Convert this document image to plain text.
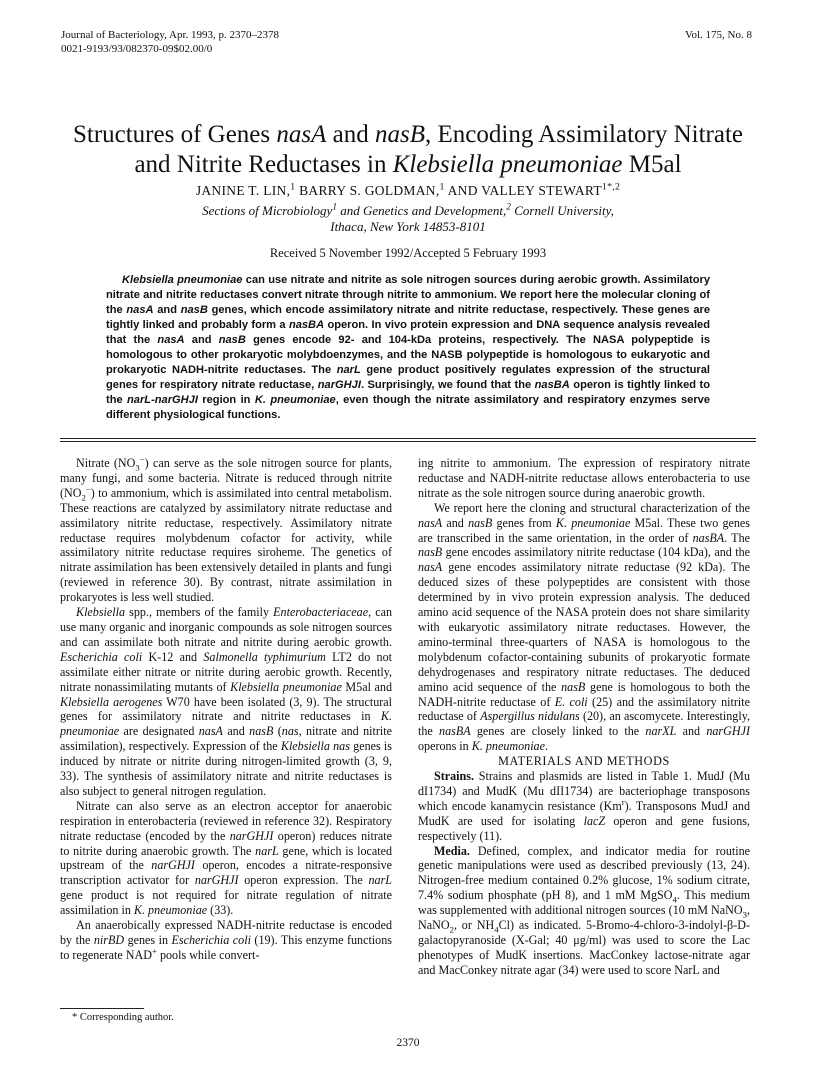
Journal of Bacteriology, Apr. 1993, p. 2370–2378
0021-9193/93/082370-09$02.00/0
Vol. 175, No. 8
Structures of Genes nasA and nasB, Encoding Assimilatory Nitrate
and Nitrite Reductases in Klebsiella pneumoniae M5al
JANINE T. LIN,$^1$ BARRY S. GOLDMAN,$^1$ AND VALLEY $STEWART^{1*,2}$
Sections of Microbiology$^1$ and Genetics and Development,$^2$ Cornell University,
Ithaca, New York 14853-8101
Received 5 November 1992/Accepted 5 February 1993

Klebsiella pneumoniae can use nitrate and nitrite as sole nitrogen sources during aerobic growth. Assimilatory nitrate and nitrite reductases convert nitrate through nitrite to ammonium. We report here the molecular cloning of the nasA and nasB genes, which encode assimilatory nitrate and nitrite reductase, respectively. These genes are tightly linked and probably form a nasBA operon. In vivo protein expression and DNA sequence analysis revealed that the nasA and nasB genes encode 92- and 104-kDa proteins, respectively. The NASA polypeptide is homologous to other prokaryotic molybdoenzymes, and the NASB polypeptide is homologous to eukaryotic and prokaryotic NADH-nitrite reductases. The narL gene product positively regulates expression of the structural genes for respiratory nitrate reductase, narGHJI. Surprisingly, we found that the nasBA operon is tightly linked to the narL-narGHJI region in K. pneumoniae, even though the nitrate assimilatory and respiratory enzymes serve different physiological functions.

Nitrate $(NO_3^-)$ can serve as the sole nitrogen source for plants, many fungi, and some bacteria. Nitrate is reduced through nitrite $(NO_2^-)$ to ammonium, which is assimilated into central metabolism. These reactions are catalyzed by assimilatory nitrate reductase and assimilatory nitrite reductase, respectively. Assimilatory nitrate reductase requires molybdenum cofactor for activity, while assimilatory nitrite reductase requires siroheme. The genetics of nitrate assimilation has been extensively detailed in plants and fungi (reviewed in reference 30). By contrast, nitrate assimilation in prokaryotes is less well studied.

Klebsiella spp., members of the family Enterobacteriaceae, can use many organic and inorganic compounds as sole nitrogen sources and can assimilate both nitrate and nitrite during aerobic growth. Escherichia coli K-12 and Salmonella typhimurium LT2 do not assimilate either nitrate or nitrite during aerobic growth. Recently, nitrate nonassimilating mutants of Klebsiella pneumoniae M5al and Klebsiella aerogenes W70 have been isolated (3, 9). The structural genes for assimilatory nitrate and nitrite reductases in K. pneumoniae are designated nasA and nasB (nas, nitrate and nitrite assimilation), respectively. Expression of the Klebsiella nas genes is induced by nitrate or nitrite during nitrogen-limited growth (3, 9, 33). The synthesis of assimilatory nitrate and nitrite reductases is also subject to general nitrogen regulation.

Nitrate can also serve as an electron acceptor for anaerobic respiration in enterobacteria (reviewed in reference 32). Respiratory nitrate reductase (encoded by the narGHJI operon) reduces nitrate to nitrite during anaerobic growth. The narL gene, which is located upstream of the narGHJI operon, encodes a nitrate-responsive transcription activator for narGHJI operon expression. The narL gene product is not required for nitrate regulation of nitrate assimilation in K. pneumoniae (33).

An anaerobically expressed NADH-nitrite reductase is encoded by the nirBD genes in Escherichia coli (19). This enzyme functions to regenerate NAD+ pools while convert-

ing nitrite to ammonium. The expression of respiratory nitrate reductase and NADH-nitrite reductase allows enterobacteria to use nitrate as the sole nitrogen source during anaerobic growth.

We report here the cloning and structural characterization of the nasA and nasB genes from K. pneumoniae M5al. These two genes are transcribed in the same orientation, in the order of nasBA. The nasB gene encodes assimilatory nitrite reductase (104 kDa), and the nasA gene encodes assimilatory nitrate reductase (92 kDa). The deduced sizes of these polypeptides are consistent with those determined by in vivo protein expression analysis. The deduced amino acid sequence of the NASA protein does not share similarity with eukaryotic assimilatory nitrate reductases. However, the amino-terminal three-quarters of NASA is homologous to the molybdenum cofactor-containing subunits of prokaryotic formate dehydrogenases and respiratory nitrate reductases. The deduced amino acid sequence of the nasB gene is homologous to both the NADH-nitrite reductase of E. coli (25) and the assimilatory nitrite reductase of Aspergillus nidulans (20), an ascomycete. Interestingly, the nasBA genes are closely linked to the narXL and narGHJI operons in K. pneumoniae.

MATERIALS AND METHODS

Strains. Strains and plasmids are listed in Table 1. MudJ (Mu dI1734) and MudK (Mu dII1734) are bacteriophage transposons which encode kanamycin resistance (Km$^r$). Transposons MudJ and MudK are used for isolating lacZ operon and gene fusions, respectively (11).

Media. Defined, complex, and indicator media for routine genetic manipulations were used as described previously (13, 24). Nitrogen-free medium contained 0.2% glucose, 1% sodium citrate, 7.4% sodium phosphate (pH 8), and 1 mM MgSO$_4$. This medium was supplemented with additional nitrogen sources (10 mM NaNO$_3$, NaNO$_2$, or $NH_4Cl$) as indicated. 5-Bromo-4-chloro-3-indolyl-β-D-galactopyranoside (X-Gal; 40 μg/ml) was used to score the Lac phenotypes of MudK insertions. MacConkey lactose-nitrate agar and MacConkey nitrate agar (34) were used to score NarL and

* Corresponding author.
2370
